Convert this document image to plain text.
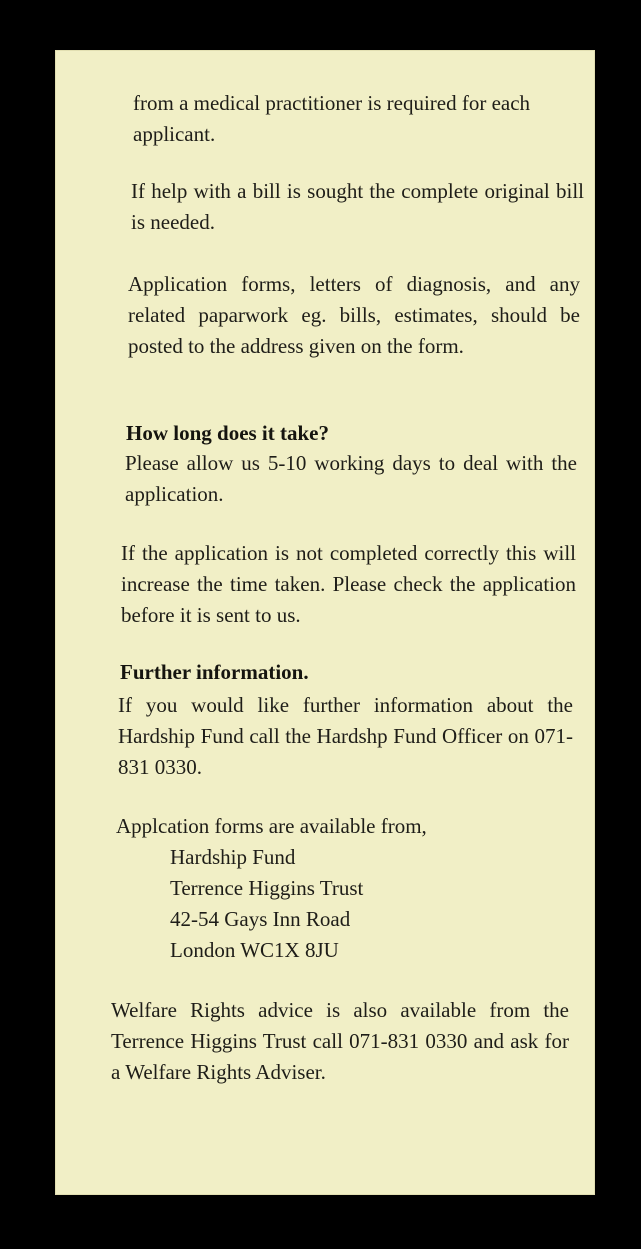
from a medical practitioner is required for each
applicant.

If help with a bill is sought the complete original bill is needed.

Application forms, letters of diagnosis, and any related paparwork eg. bills, estimates, should be posted to the address given on the form.

How long does it take?

Please allow us 5-10 working days to deal with the application.

If the application is not completed correctly this will increase the time taken. Please check the application before it is sent to us.

Further information.

If you would like further information about the Hardship Fund call the Hardshp Fund Officer on 071-831 0330.

Applcation forms are available from,
Hardship Fund
Terrence Higgins Trust
42-54 Gays Inn Road
London WC1X 8JU

Welfare Rights advice is also available from the Terrence Higgins Trust call 071-831 0330 and ask for a Welfare Rights Adviser.
